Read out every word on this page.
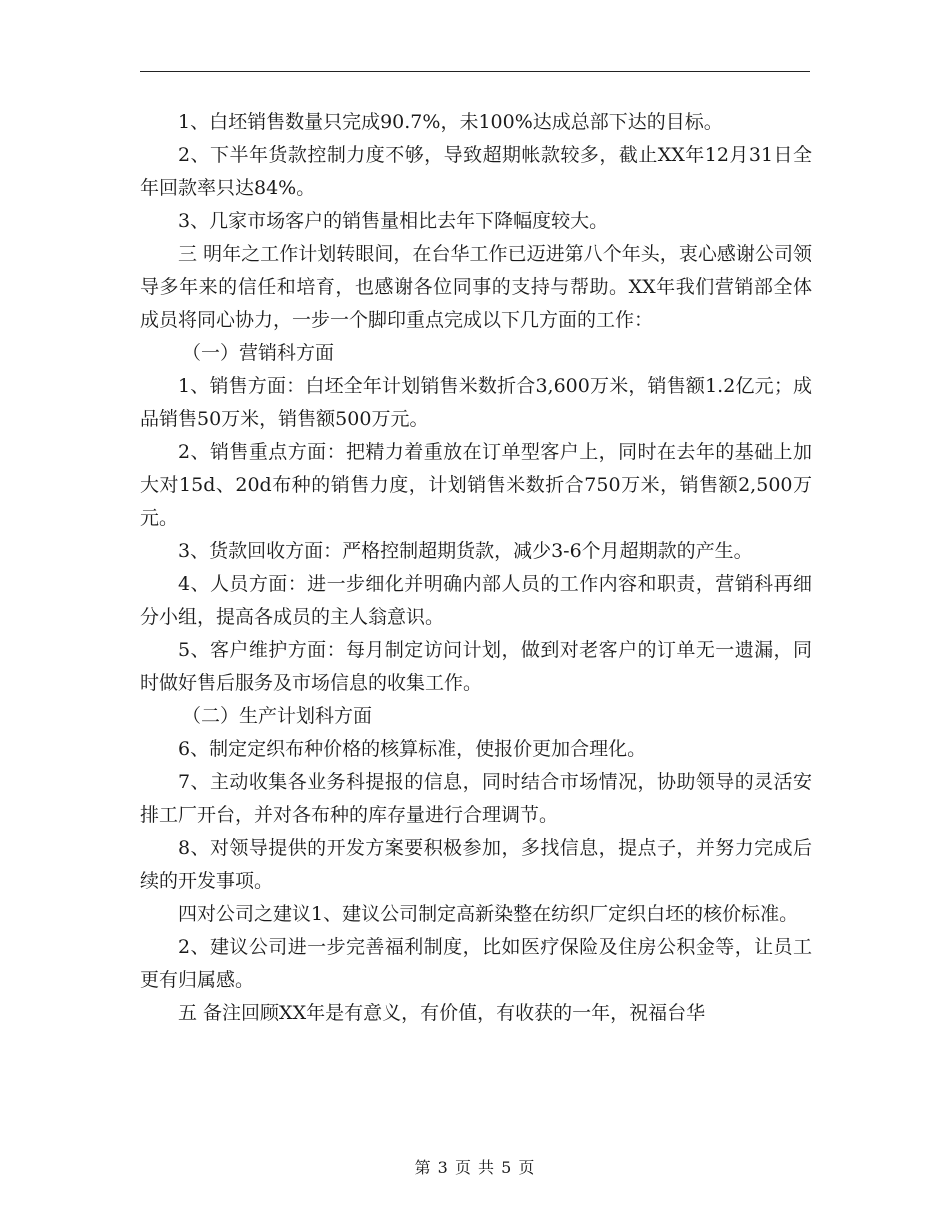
1、白坯销售数量只完成90.7%，未100%达成总部下达的目标。

2、下半年货款控制力度不够，导致超期帐款较多，截止XX年12月31日全年回款率只达84%。

3、几家市场客户的销售量相比去年下降幅度较大。

三 明年之工作计划转眼间，在台华工作已迈进第八个年头，衷心感谢公司领导多年来的信任和培育，也感谢各位同事的支持与帮助。XX年我们营销部全体成员将同心协力，一步一个脚印重点完成以下几方面的工作：

（一）营销科方面

1、销售方面：白坯全年计划销售米数折合3,600万米，销售额1.2亿元；成品销售50万米，销售额500万元。

2、销售重点方面：把精力着重放在订单型客户上，同时在去年的基础上加大对15d、20d布种的销售力度，计划销售米数折合750万米，销售额2,500万元。

3、货款回收方面：严格控制超期货款，减少3-6个月超期款的产生。

4、人员方面：进一步细化并明确内部人员的工作内容和职责，营销科再细分小组，提高各成员的主人翁意识。

5、客户维护方面：每月制定访问计划，做到对老客户的订单无一遗漏，同时做好售后服务及市场信息的收集工作。

（二）生产计划科方面

6、制定定织布种价格的核算标准，使报价更加合理化。

7、主动收集各业务科提报的信息，同时结合市场情况，协助领导的灵活安排工厂开台，并对各布种的库存量进行合理调节。

8、对领导提供的开发方案要积极参加，多找信息，提点子，并努力完成后续的开发事项。

四对公司之建议1、建议公司制定高新染整在纺织厂定织白坯的核价标准。

2、建议公司进一步完善福利制度，比如医疗保险及住房公积金等，让员工更有归属感。

五 备注回顾XX年是有意义，有价值，有收获的一年，祝福台华

第 3 页 共 5 页
